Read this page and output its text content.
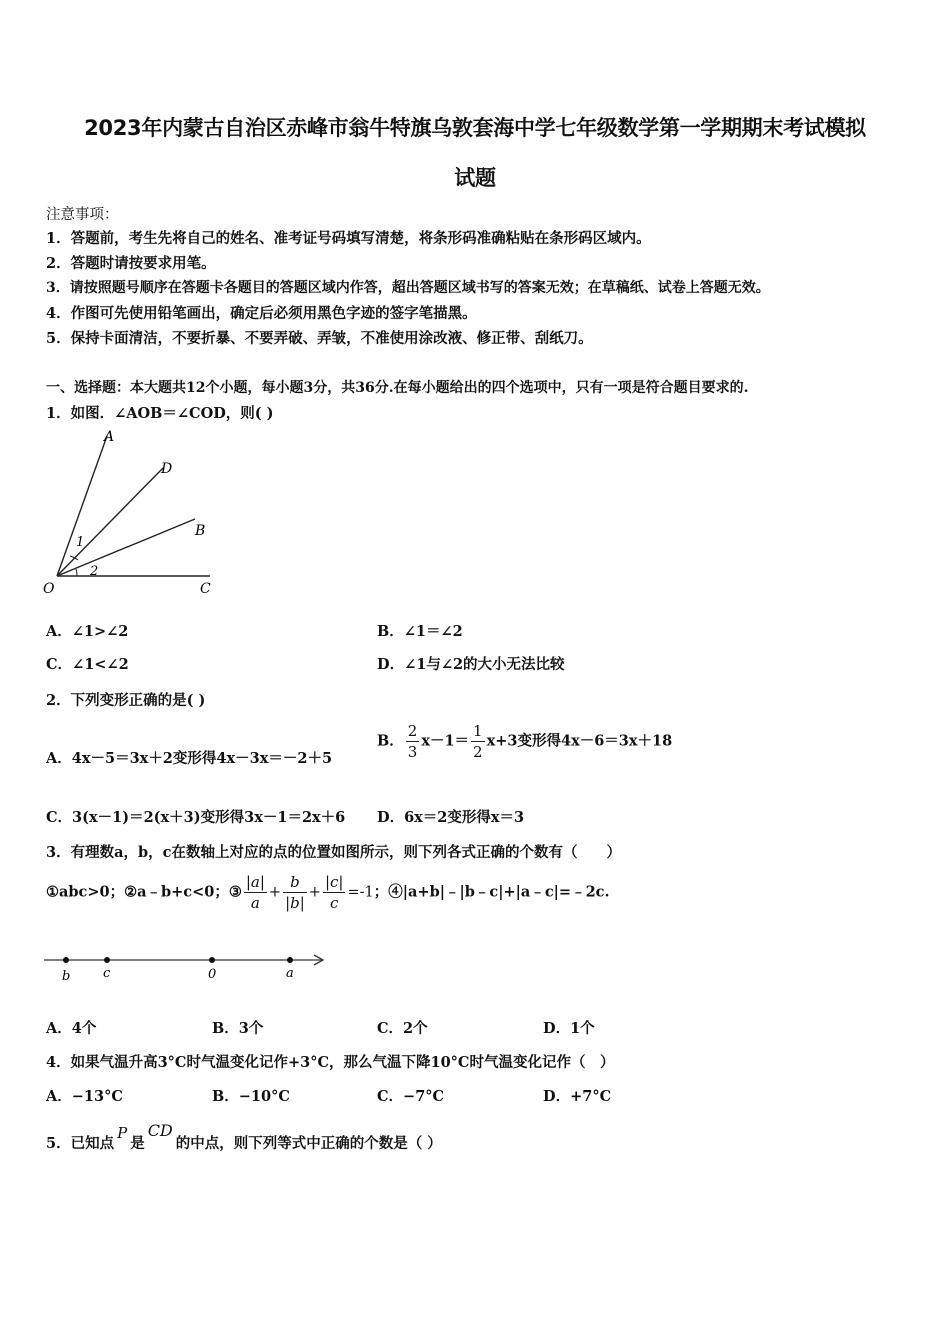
2023年内蒙古自治区赤峰市翁牛特旗乌敦套海中学七年级数学第一学期期末考试模拟
试题
注意事项：
1．答题前，考生先将自己的姓名、准考证号码填写清楚，将条形码准确粘贴在条形码区域内。
2．答题时请按要求用笔。
3．请按照题号顺序在答题卡各题目的答题区域内作答，超出答题区域书写的答案无效；在草稿纸、试卷上答题无效。
4．作图可先使用铅笔画出，确定后必须用黑色字迹的签字笔描黑。
5．保持卡面清洁，不要折暴、不要弄破、弄皱，不准使用涂改液、修正带、刮纸刀。
一、选择题：本大题共12个小题，每小题3分，共36分.在每小题给出的四个选项中，只有一项是符合题目要求的.
1．如图．∠AOB＝∠COD，则( )
A
D
B
O	C
1
2
A．∠1>∠2	B．∠1＝∠2
C．∠1<∠2	D．∠1与∠2的大小无法比较
2．下列变形正确的是( )
A．4x－5＝3x＋2变形得4x－3x＝－2＋5
B． $\frac{2}{3} x-1= \frac{1}{2} x+3$变形得4x－6＝3x＋18
C．3(x－1)＝2(x＋3)变形得3x－1＝2x＋6 D．6x＝2变形得x＝3
3．有理数a，b，c在数轴上对应的点的位置如图所示，则下列各式正确的个数有（　　）
①abc>0；②a﹣b+c<0；③ $\frac{|a|}{a} + \frac{b}{|b|} + \frac{|c|}{c} =-1$；④|a+b|﹣|b﹣c|+|a﹣c|=﹣2c.
b	c	0	a
A．4个	B．3个	C．2个	D．1个
4．如果气温升高3°C时气温变化记作+3°C，那么气温下降10°C时气温变化记作（　）
A．−13°C	B．−10°C	C．−7°C	D．+7°C
5．已知点P是CD的中点，则下列等式中正确的个数是（ ）
